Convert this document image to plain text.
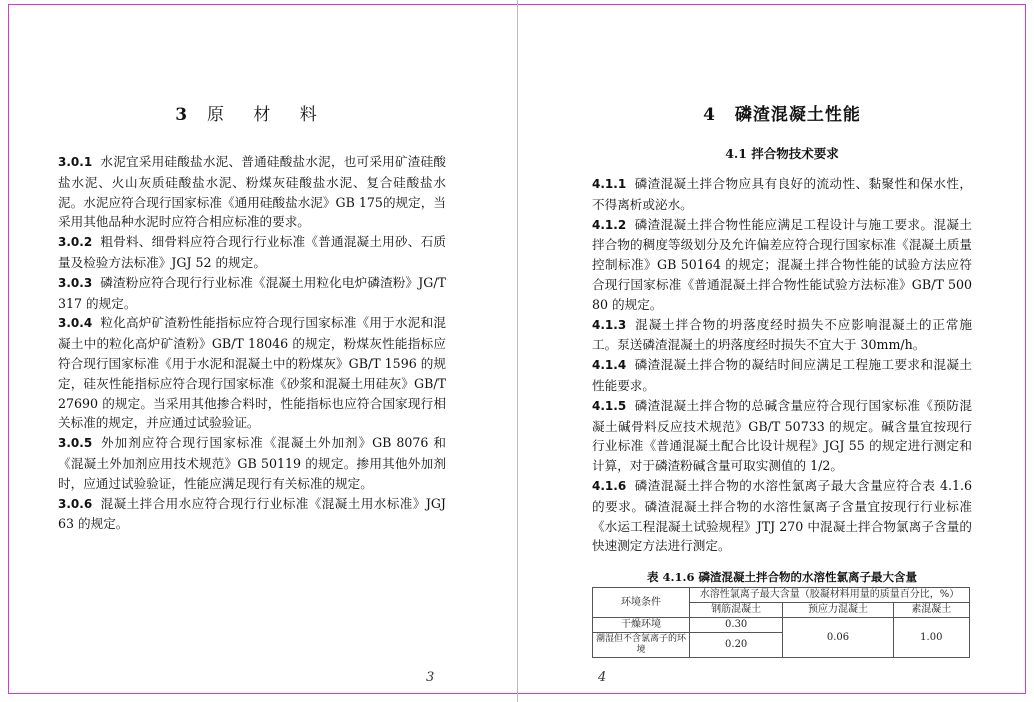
3 原 材 料

3.0.1 水泥宜采用硅酸盐水泥、普通硅酸盐水泥，也可采用矿渣硅酸盐水泥、火山灰质硅酸盐水泥、粉煤灰硅酸盐水泥、复合硅酸盐水泥。水泥应符合现行国家标准《通用硅酸盐水泥》GB 175的规定，当采用其他品种水泥时应符合相应标准的要求。

3.0.2 粗骨料、细骨料应符合现行行业标准《普通混凝土用砂、石质量及检验方法标准》JGJ 52 的规定。

3.0.3 磷渣粉应符合现行行业标准《混凝土用粒化电炉磷渣粉》JG/T 317 的规定。

3.0.4 粒化高炉矿渣粉性能指标应符合现行国家标准《用于水泥和混凝土中的粒化高炉矿渣粉》GB/T 18046 的规定，粉煤灰性能指标应符合现行国家标准《用于水泥和混凝土中的粉煤灰》GB/T 1596 的规定，硅灰性能指标应符合现行国家标准《砂浆和混凝土用硅灰》GB/T 27690 的规定。当采用其他掺合料时，性能指标也应符合国家现行相关标准的规定，并应通过试验验证。

3.0.5 外加剂应符合现行国家标准《混凝土外加剂》GB 8076 和《混凝土外加剂应用技术规范》GB 50119 的规定。掺用其他外加剂时，应通过试验验证，性能应满足现行有关标准的规定。

3.0.6 混凝土拌合用水应符合现行行业标准《混凝土用水标准》JGJ 63 的规定。

3
4 磷渣混凝土性能
4.1 拌合物技术要求

4.1.1 磷渣混凝土拌合物应具有良好的流动性、黏聚性和保水性，不得离析或泌水。

4.1.2 磷渣混凝土拌合物性能应满足工程设计与施工要求。混凝土拌合物的稠度等级划分及允许偏差应符合现行国家标准《混凝土质量控制标准》GB 50164 的规定；混凝土拌合物性能的试验方法应符合现行国家标准《普通混凝土拌合物性能试验方法标准》GB/T 50080 的规定。

4.1.3 混凝土拌合物的坍落度经时损失不应影响混凝土的正常施工。泵送磷渣混凝土的坍落度经时损失不宜大于 30mm/h。

4.1.4 磷渣混凝土拌合物的凝结时间应满足工程施工要求和混凝土性能要求。

4.1.5 磷渣混凝土拌合物的总碱含量应符合现行国家标准《预防混凝土碱骨料反应技术规范》GB/T 50733 的规定。碱含量宜按现行行业标准《普通混凝土配合比设计规程》JGJ 55 的规定进行测定和计算，对于磷渣粉碱含量可取实测值的 1/2。

4.1.6 磷渣混凝土拌合物的水溶性氯离子最大含量应符合表 4.1.6 的要求。磷渣混凝土拌合物的水溶性氯离子含量宜按现行行业标准《水运工程混凝土试验规程》JTJ 270 中混凝土拌合物氯离子含量的快速测定方法进行测定。

表 4.1.6 磷渣混凝土拌合物的水溶性氯离子最大含量
环境条件	水溶性氯离子最大含量（胶凝材料用量的质量百分比，%）		
	钢筋混凝土	预应力混凝土	素混凝土
干燥环境	0.30	0.06	1.00
潮湿但不含氯离子的环境	0.20		
4
